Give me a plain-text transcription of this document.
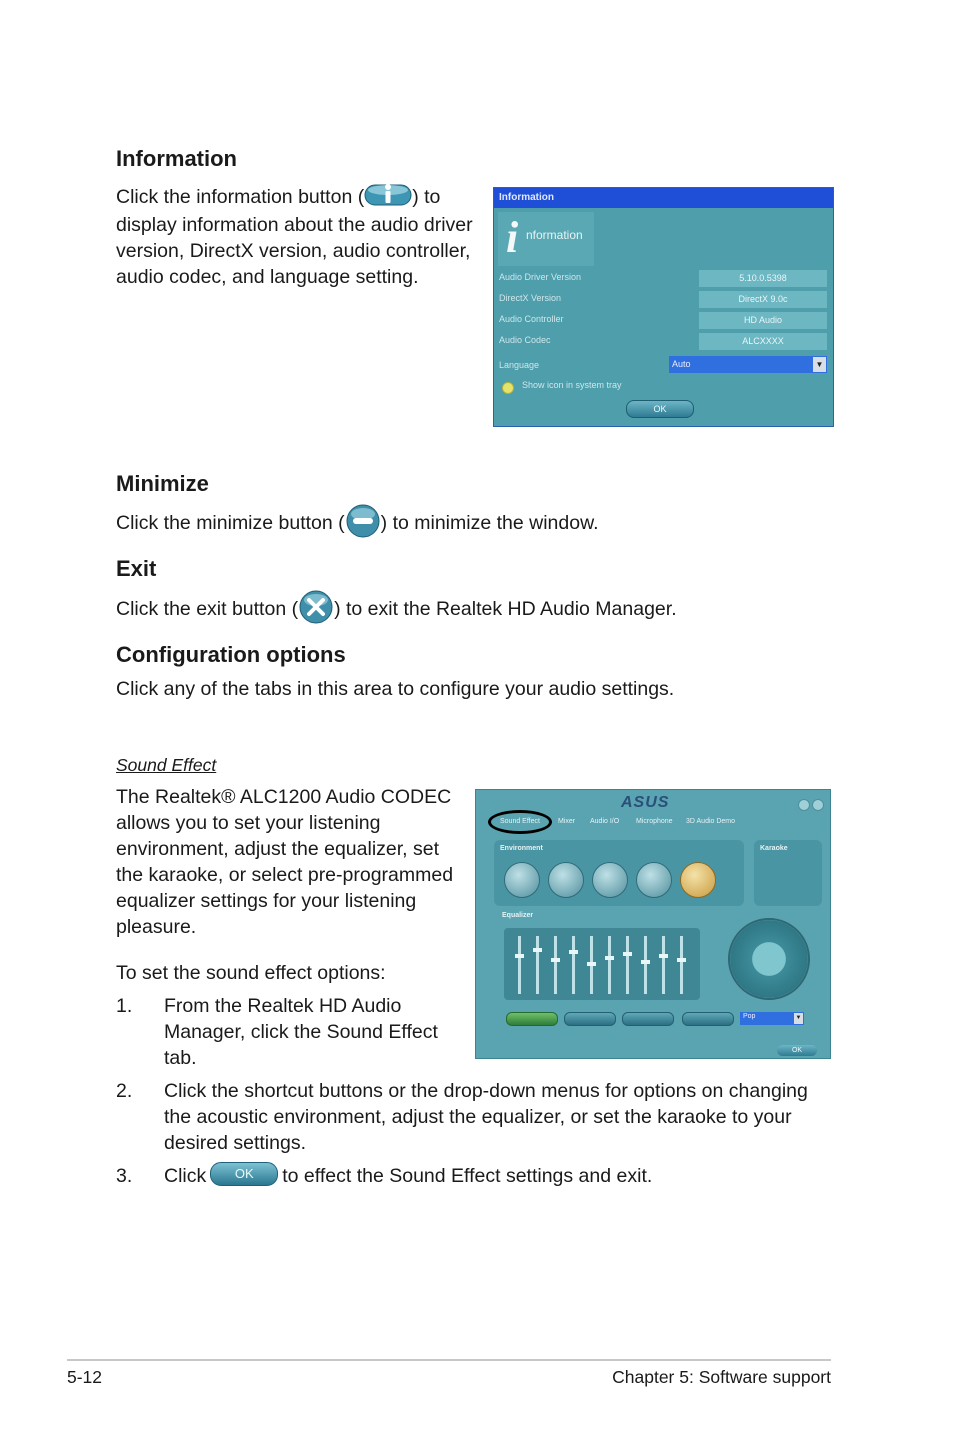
Information

Click the information button ( ) to
display information about the audio driver
version, DirectX version, audio controller,
audio codec, and language setting.

Information
i nformation
Audio Driver Version	5.10.0.5398
DirectX Version	DirectX 9.0c
Audio Controller	HD Audio
Audio Codec	ALCXXXX
Language	Auto	▼
Show icon in system tray
OK
Minimize

Click the minimize button ( ) to minimize the window.

Exit

Click the exit button ( ) to exit the Realtek HD Audio Manager.

Configuration options

Click any of the tabs in this area to configure your audio settings.

Sound Effect

The Realtek® ALC1200 Audio CODEC
allows you to set your listening
environment, adjust the equalizer, set
the karaoke, or select pre-programmed
equalizer settings for your listening
pleasure.

To set the sound effect options:

1. From the Realtek HD Audio
Manager, click the Sound Effect
tab.
2. Click the shortcut buttons or the drop-down menus for options on changing
the acoustic environment, adjust the equalizer, or set the karaoke to your
desired settings.
3. Click OK to effect the Sound Effect settings and exit.
ASUS
Sound Effect	Mixer Audio I/O Microphone 3D Audio Demo
Environment	Karaoke
Equalizer
Pop	▼
OK
5-12	Chapter 5: Software support
